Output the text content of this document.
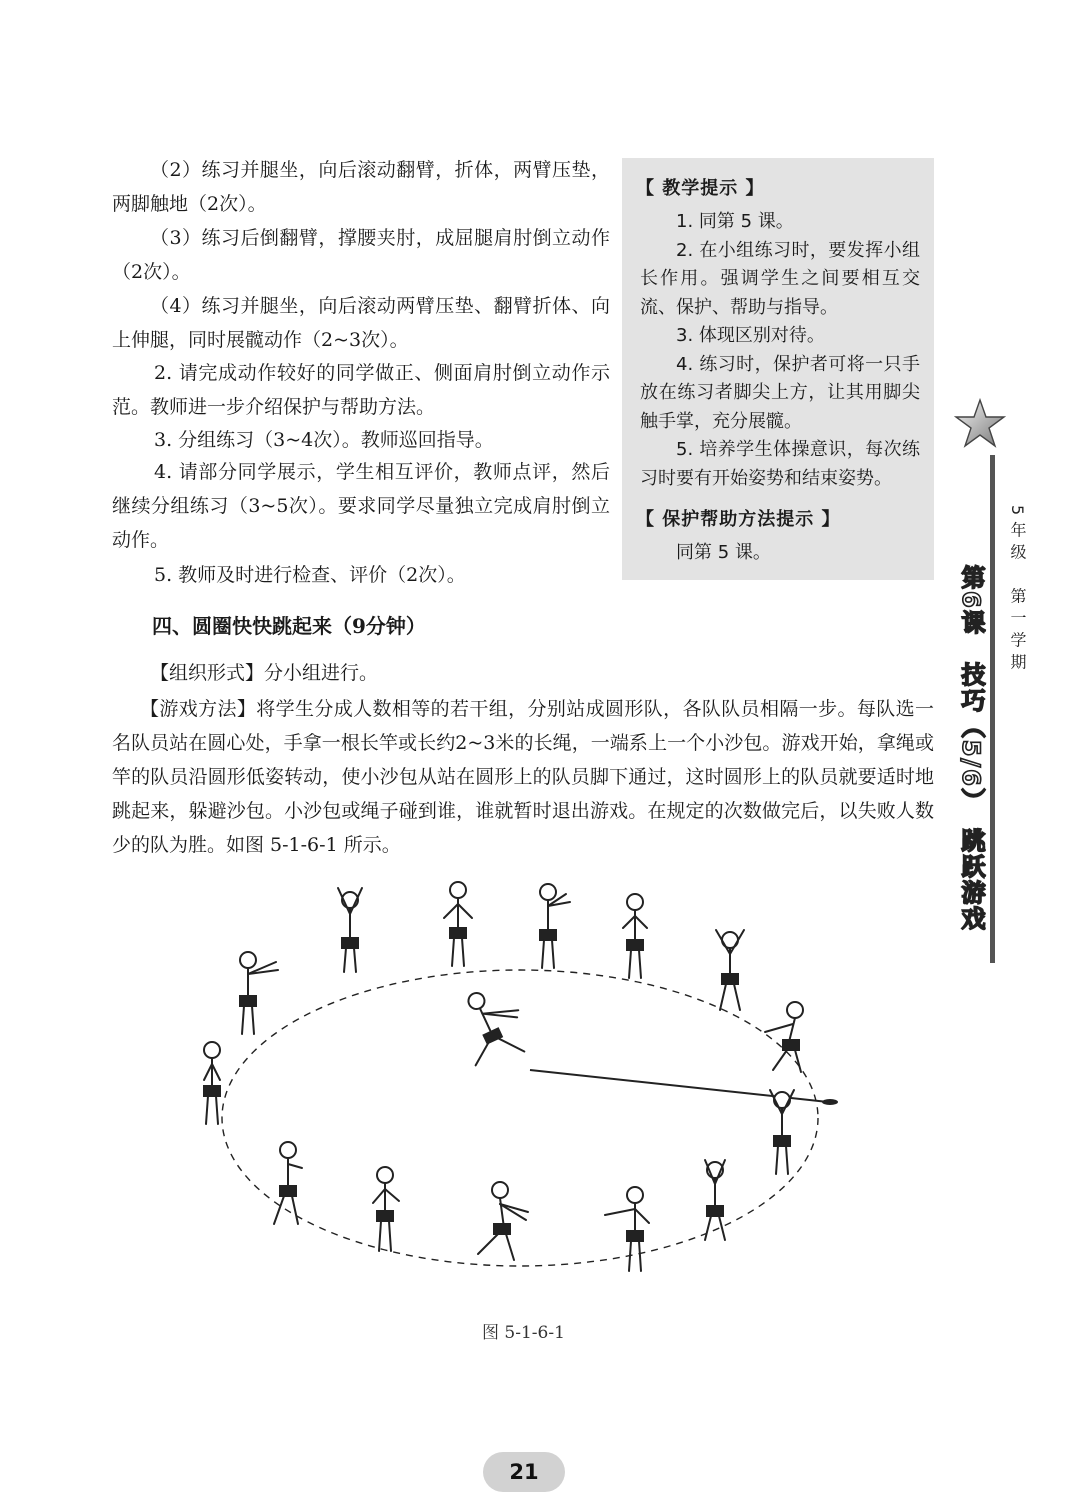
（2）练习并腿坐，向后滚动翻臂，折体，两臂压垫，两脚触地（2次）。

（3）练习后倒翻臂，撑腰夹肘，成屈腿肩肘倒立动作（2次）。

（4）练习并腿坐，向后滚动两臂压垫、翻臂折体、向上伸腿，同时展髋动作（2~3次）。

2. 请完成动作较好的同学做正、侧面肩肘倒立动作示范。教师进一步介绍保护与帮助方法。

3. 分组练习（3~4次）。教师巡回指导。

4. 请部分同学展示，学生相互评价，教师点评，然后继续分组练习（3~5次）。要求同学尽量独立完成肩肘倒立动作。

5. 教师及时进行检查、评价（2次）。

四、圆圈快快跳起来（9分钟）

【组织形式】分小组进行。

【游戏方法】将学生分成人数相等的若干组，分别站成圆形队，各队队员相隔一步。每队选一名队员站在圆心处，手拿一根长竿或长约2~3米的长绳，一端系上一个小沙包。游戏开始，拿绳或竿的队员沿圆形低姿转动，使小沙包从站在圆形上的队员脚下通过，这时圆形上的队员就要适时地跳起来，躲避沙包。小沙包或绳子碰到谁，谁就暂时退出游戏。在规定的次数做完后，以失败人数少的队为胜。如图 5-1-6-1 所示。

【 教学提示 】

1. 同第 5 课。

2. 在小组练习时，要发挥小组长作用。强调学生之间要相互交流、保护、帮助与指导。

3. 体现区别对待。

4. 练习时，保护者可将一只手放在练习者脚尖上方，让其用脚尖触手掌，充分展髋。

5. 培养学生体操意识，每次练习时要有开始姿势和结束姿势。

【 保护帮助方法提示 】

同第 5 课。	5年级　第一学期
第6课　技巧（5/6）　跳跃游戏
图 5-1-6-1
21
